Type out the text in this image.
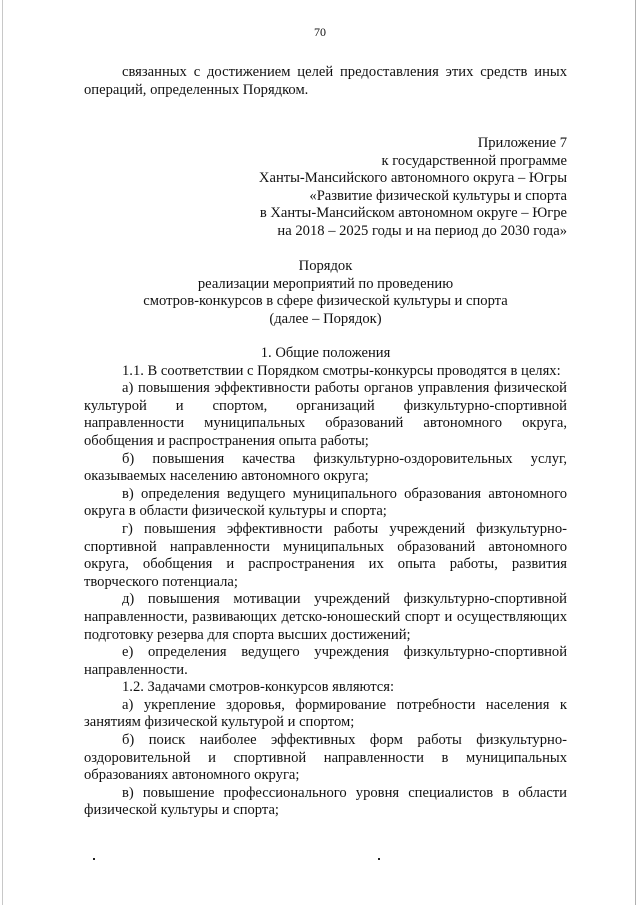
70

связанных с достижением целей предоставления этих средств иных операций, определенных Порядком.

Приложение 7
к государственной программе
Ханты-Мансийского автономного округа – Югры
«Развитие физической культуры и спорта
в Ханты-Мансийском автономном округе – Югре
на 2018 – 2025 годы и на период до 2030 года»
Порядок
реализации мероприятий по проведению
смотров-конкурсов в сфере физической культуры и спорта
(далее – Порядок)

1. Общие положения

1.1. В соответствии с Порядком смотры-конкурсы проводятся в целях:

а) повышения эффективности работы органов управления физической культурой и спортом, организаций физкультурно-спортивной направленности муниципальных образований автономного округа, обобщения и распространения опыта работы;

б) повышения качества физкультурно-оздоровительных услуг, оказываемых населению автономного округа;

в) определения ведущего муниципального образования автономного округа в области физической культуры и спорта;

г) повышения эффективности работы учреждений физкультурно-спортивной направленности муниципальных образований автономного округа, обобщения и распространения их опыта работы, развития творческого потенциала;

д) повышения мотивации учреждений физкультурно-спортивной направленности, развивающих детско-юношеский спорт и осуществляющих подготовку резерва для спорта высших достижений;

е) определения ведущего учреждения физкультурно-спортивной направленности.

1.2. Задачами смотров-конкурсов являются:

а) укрепление здоровья, формирование потребности населения к занятиям физической культурой и спортом;

б) поиск наиболее эффективных форм работы физкультурно-оздоровительной и спортивной направленности в муниципальных образованиях автономного округа;

в) повышение профессионального уровня специалистов в области физической культуры и спорта;
